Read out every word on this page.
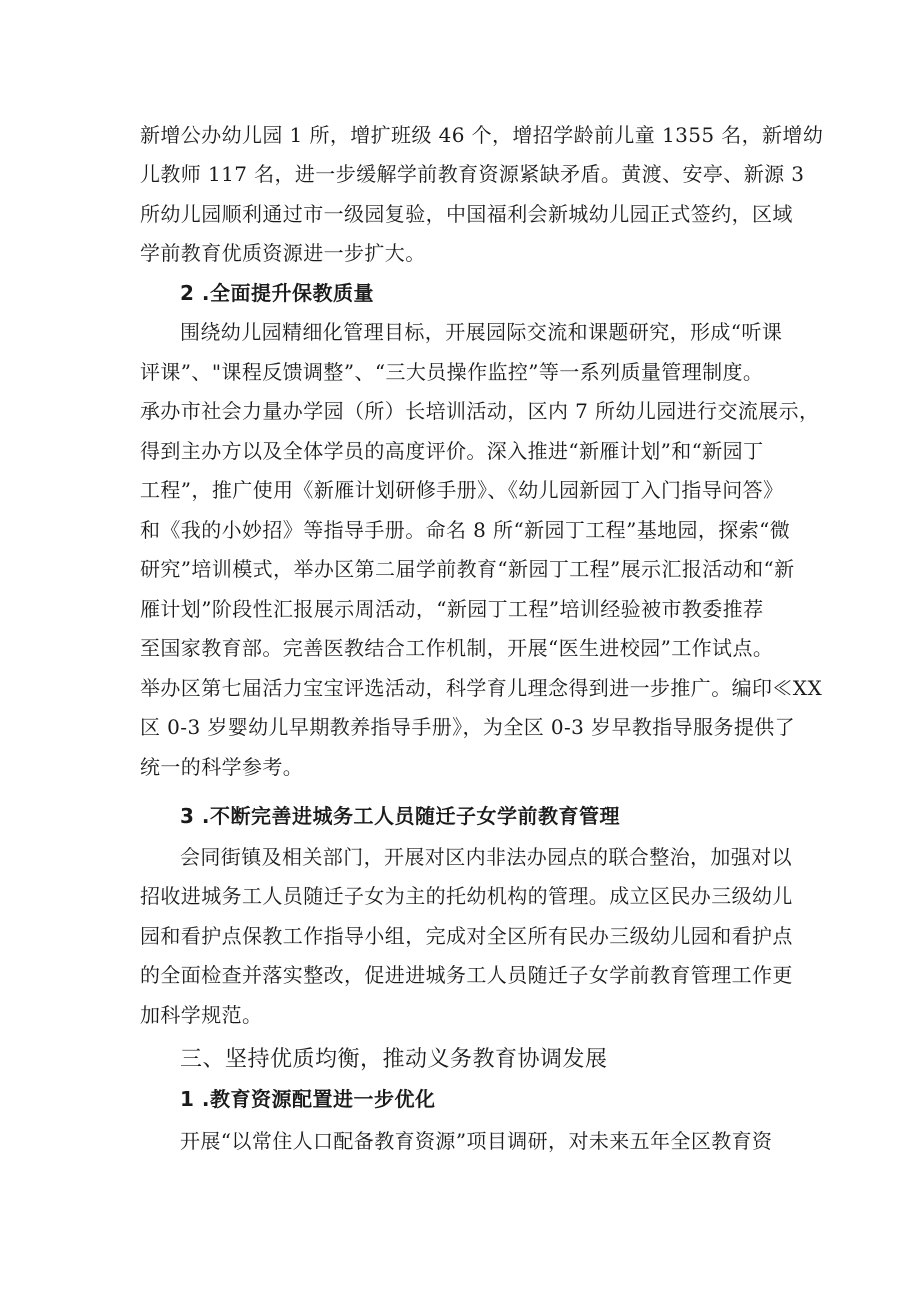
新增公办幼儿园 1 所，增扩班级 46 个，增招学龄前儿童 1355 名，新增幼
儿教师 117 名，进一步缓解学前教育资源紧缺矛盾。黄渡、安亭、新源 3
所幼儿园顺利通过市一级园复验，中国福利会新城幼儿园正式签约，区域
学前教育优质资源进一步扩大。
2 .全面提升保教质量
围绕幼儿园精细化管理目标，开展园际交流和课题研究，形成“听课
评课”、"课程反馈调整”、“三大员操作监控”等一系列质量管理制度。
承办市社会力量办学园（所）长培训活动，区内 7 所幼儿园进行交流展示，
得到主办方以及全体学员的高度评价。深入推进“新雁计划”和“新园丁
工程”，推广使用《新雁计划研修手册》、《幼儿园新园丁入门指导问答》
和《我的小妙招》等指导手册。命名 8 所“新园丁工程”基地园，探索“微
研究”培训模式，举办区第二届学前教育“新园丁工程”展示汇报活动和“新
雁计划”阶段性汇报展示周活动，“新园丁工程”培训经验被市教委推荐
至国家教育部。完善医教结合工作机制，开展“医生进校园”工作试点。
举办区第七届活力宝宝评选活动，科学育儿理念得到进一步推广。编印≪XX
区 0-3 岁婴幼儿早期教养指导手册》，为全区 0-3 岁早教指导服务提供了
统一的科学参考。
3 .不断完善进城务工人员随迁子女学前教育管理
会同街镇及相关部门，开展对区内非法办园点的联合整治，加强对以
招收进城务工人员随迁子女为主的托幼机构的管理。成立区民办三级幼儿
园和看护点保教工作指导小组，完成对全区所有民办三级幼儿园和看护点
的全面检查并落实整改，促进进城务工人员随迁子女学前教育管理工作更
加科学规范。
三、坚持优质均衡，推动义务教育协调发展
1 .教育资源配置进一步优化
开展“以常住人口配备教育资源”项目调研，对未来五年全区教育资
